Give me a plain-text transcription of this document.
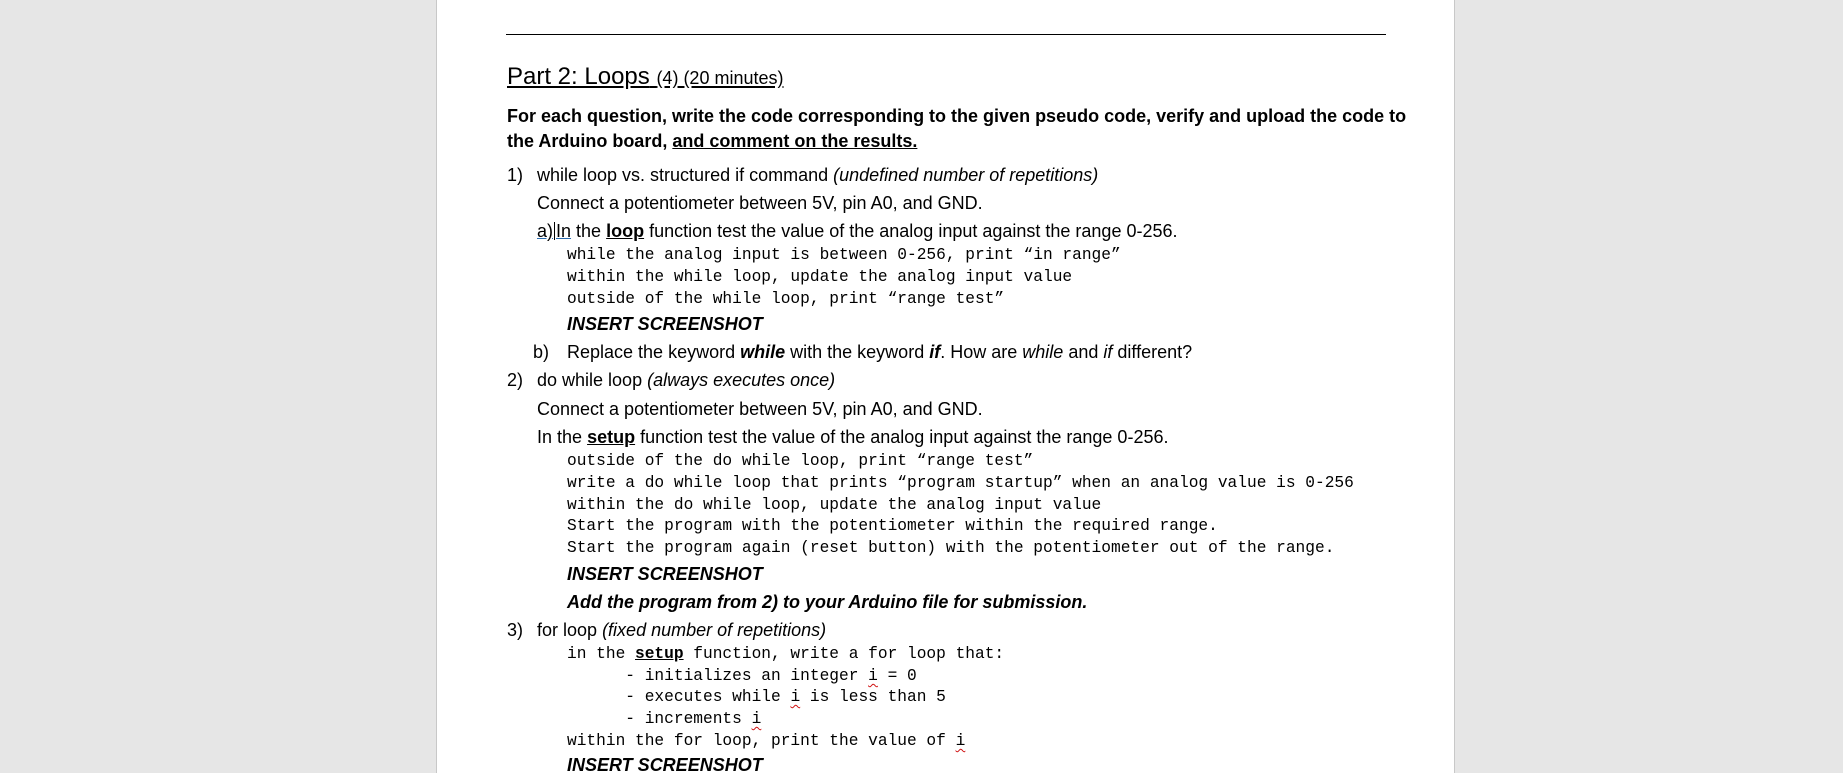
Part 2: Loops (4) (20 minutes)
For each question, write the code corresponding to the given pseudo code, verify and upload the code to
the Arduino board, and comment on the results.
1) while loop vs. structured if command (undefined number of repetitions)
Connect a potentiometer between 5V, pin A0, and GND.
a) In the loop function test the value of the analog input against the range 0-256.
while the analog input is between 0-256, print “in range”
within the while loop, update the analog input value
outside of the while loop, print “range test”
INSERT SCREENSHOT
b) Replace the keyword while with the keyword if. How are while and if different?
2) do while loop (always executes once)
Connect a potentiometer between 5V, pin A0, and GND.
In the setup function test the value of the analog input against the range 0-256.
outside of the do while loop, print “range test”
write a do while loop that prints “program startup” when an analog value is 0-256
within the do while loop, update the analog input value
Start the program with the potentiometer within the required range.
Start the program again (reset button) with the potentiometer out of the range.
INSERT SCREENSHOT
Add the program from 2) to your Arduino file for submission.
3) for loop (fixed number of repetitions)
in the setup function, write a for loop that:
- initializes an integer i = 0
- executes while i is less than 5
- increments i
within the for loop, print the value of i
INSERT SCREENSHOT
